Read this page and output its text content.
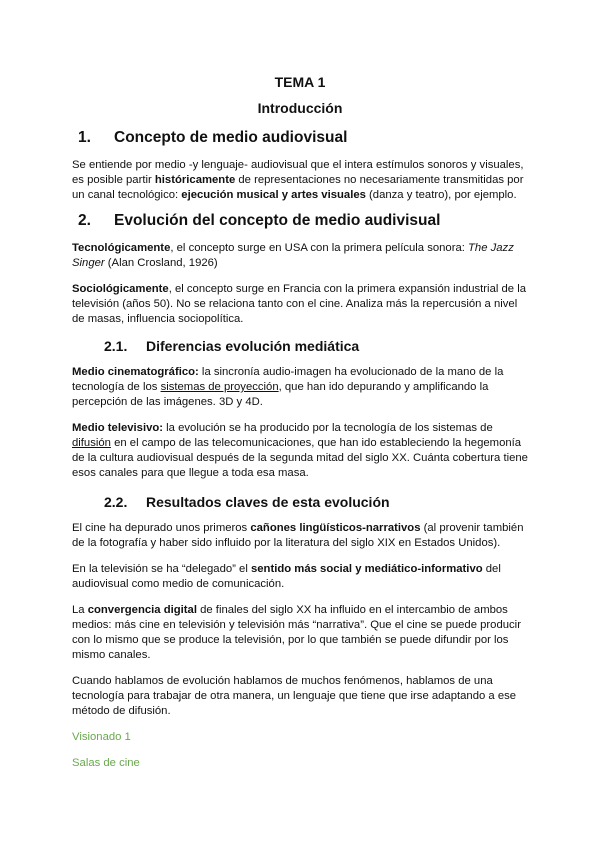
TEMA 1
Introducción
1.	Concepto de medio audiovisual

Se entiende por medio -y lenguaje- audiovisual que el intera estímulos sonoros y visuales, es posible partir históricamente de representaciones no necesariamente transmitidas por un canal tecnológico: ejecución musical y artes visuales (danza y teatro), por ejemplo.

2.	Evolución del concepto de medio audivisual

Tecnológicamente, el concepto surge en USA con la primera película sonora: The Jazz Singer (Alan Crosland, 1926)

Sociológicamente, el concepto surge en Francia con la primera expansión industrial de la televisión (años 50). No se relaciona tanto con el cine. Analiza más la repercusión a nivel de masas, influencia sociopolítica.

2.1.	Diferencias evolución mediática

Medio cinematográfico: la sincronía audio-imagen ha evolucionado de la mano de la tecnología de los sistemas de proyección, que han ido depurando y amplificando la percepción de las imágenes. 3D y 4D.

Medio televisivo: la evolución se ha producido por la tecnología de los sistemas de difusión en el campo de las telecomunicaciones, que han ido estableciendo la hegemonía de la cultura audiovisual después de la segunda mitad del siglo XX. Cuánta cobertura tiene esos canales para que llegue a toda esa masa.

2.2.	Resultados claves de esta evolución

El cine ha depurado unos primeros cañones lingüísticos-narrativos (al provenir también de la fotografía y haber sido influido por la literatura del siglo XIX en Estados Unidos).

En la televisión se ha “delegado” el sentido más social y mediático-informativo del audiovisual como medio de comunicación.

La convergencia digital de finales del siglo XX ha influido en el intercambio de ambos medios: más cine en televisión y televisión más “narrativa”. Que el cine se puede producir con lo mismo que se produce la televisión, por lo que también se puede difundir por los mismo canales.

Cuando hablamos de evolución hablamos de muchos fenómenos, hablamos de una tecnología para trabajar de otra manera, un lenguaje que tiene que irse adaptando a ese método de difusión.

Visionado 1

Salas de cine
